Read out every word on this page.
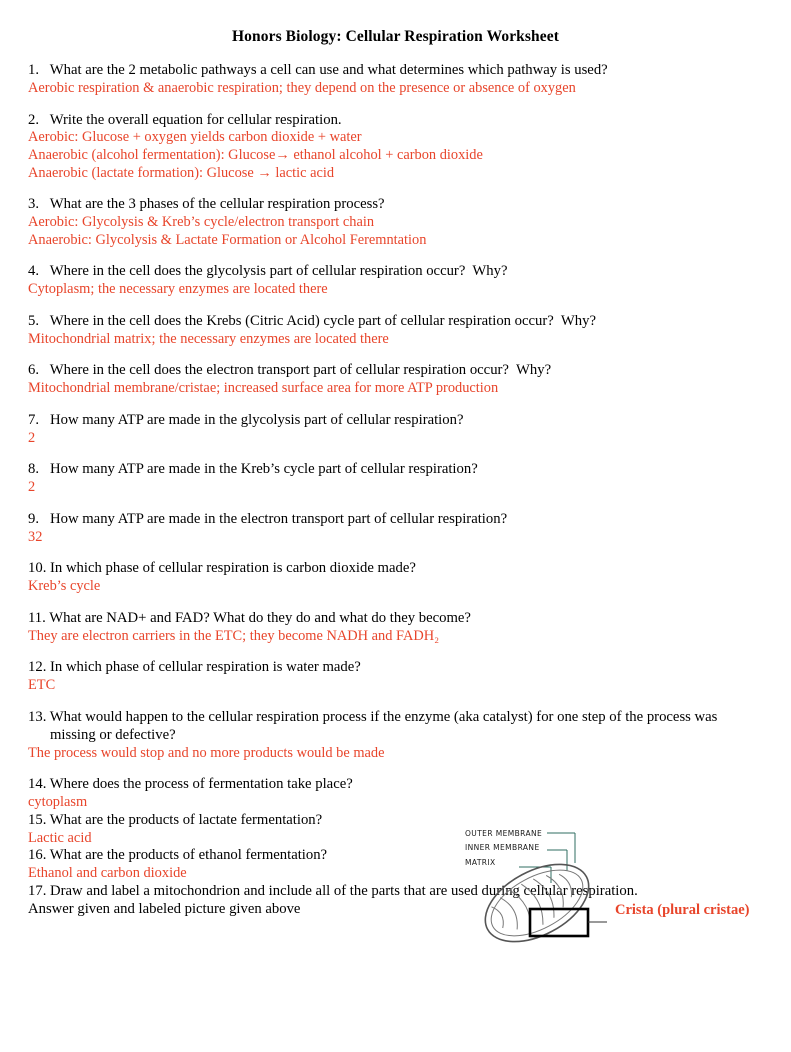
Honors Biology: Cellular Respiration Worksheet

1.   What are the 2 metabolic pathways a cell can use and what determines which pathway is used?

Aerobic respiration & anaerobic respiration; they depend on the presence or absence of oxygen

2.   Write the overall equation for cellular respiration.

Aerobic: Glucose + oxygen yields carbon dioxide + water

Anaerobic (alcohol fermentation): Glucose→ ethanol alcohol + carbon dioxide

Anaerobic (lactate formation): Glucose → lactic acid

3.   What are the 3 phases of the cellular respiration process?

Aerobic: Glycolysis & Kreb’s cycle/electron transport chain

Anaerobic: Glycolysis & Lactate Formation or Alcohol Feremntation

4.   Where in the cell does the glycolysis part of cellular respiration occur?  Why?

Cytoplasm; the necessary enzymes are located there

5.   Where in the cell does the Krebs (Citric Acid) cycle part of cellular respiration occur?  Why?

Mitochondrial matrix; the necessary enzymes are located there

6.   Where in the cell does the electron transport part of cellular respiration occur?  Why?

Mitochondrial membrane/cristae; increased surface area for more ATP production

7.   How many ATP are made in the glycolysis part of cellular respiration?

2

8.   How many ATP are made in the Kreb’s cycle part of cellular respiration?

2

9.   How many ATP are made in the electron transport part of cellular respiration?

32

10. In which phase of cellular respiration is carbon dioxide made?

Kreb’s cycle

11. What are NAD+ and FAD? What do they do and what do they become?

They are electron carriers in the ETC; they become NADH and FADH₂

12. In which phase of cellular respiration is water made?

ETC

13. What would happen to the cellular respiration process if the enzyme (aka catalyst) for one step of the process was

missing or defective?

The process would stop and no more products would be made

14. Where does the process of fermentation take place?

cytoplasm

15. What are the products of lactate fermentation?

Lactic acid

16. What are the products of ethanol fermentation?

Ethanol and carbon dioxide

17. Draw and label a mitochondrion and include all of the parts that are used during cellular respiration.

Answer given and labeled picture given above

OUTER MEMBRANE
INNER MEMBRANE
MATRIX
Crista (plural cristae)
